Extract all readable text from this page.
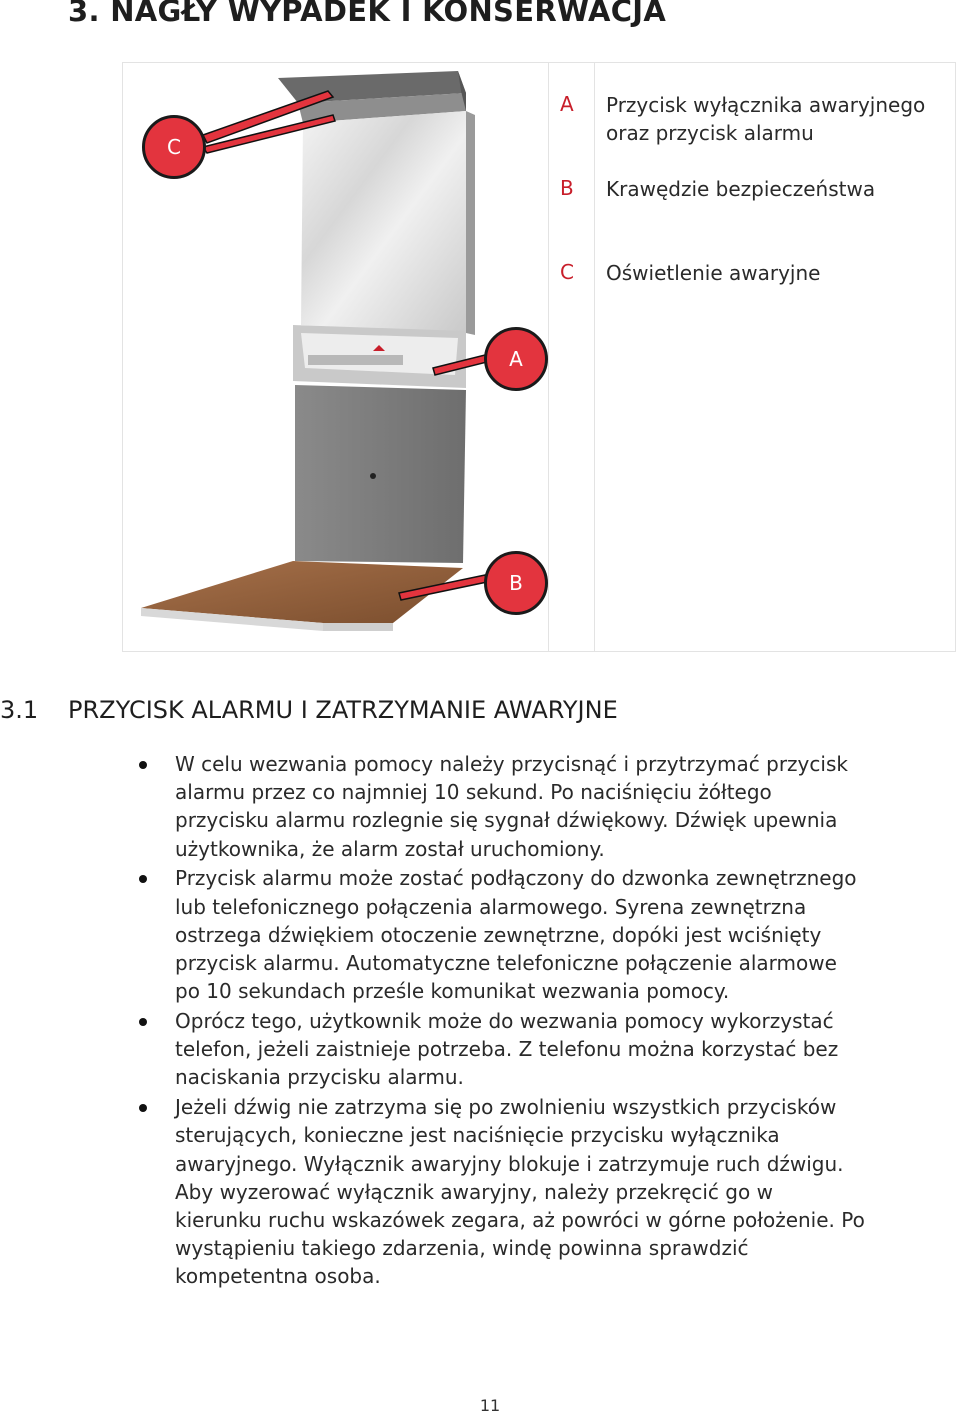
3. NAGŁY WYPADEK I KONSERWACJA
C
A
B
A Przycisk wyłącznika awaryjnego oraz przycisk alarmu
B Krawędzie bezpieczeństwa
C Oświetlenie awaryjne
3.1 PRZYCISK ALARMU I ZATRZYMANIE AWARYJNE
W celu wezwania pomocy należy przycisnąć i przytrzymać przycisk alarmu przez co najmniej 10 sekund. Po naciśnięciu żółtego przycisku alarmu rozlegnie się sygnał dźwiękowy. Dźwięk upewnia użytkownika, że alarm został uruchomiony.
Przycisk alarmu może zostać podłączony do dzwonka zewnętrznego lub telefonicznego połączenia alarmowego. Syrena zewnętrzna ostrzega dźwiękiem otoczenie zewnętrzne, dopóki jest wciśnięty przycisk alarmu. Automatyczne telefoniczne połączenie alarmowe po 10 sekundach prześle komunikat wezwania pomocy.
Oprócz tego, użytkownik może do wezwania pomocy wykorzystać telefon, jeżeli zaistnieje potrzeba. Z telefonu można korzystać bez naciskania przycisku alarmu.
Jeżeli dźwig nie zatrzyma się po zwolnieniu wszystkich przycisków sterujących, konieczne jest naciśnięcie przycisku wyłącznika awaryjnego. Wyłącznik awaryjny blokuje i zatrzymuje ruch dźwigu. Aby wyzerować wyłącznik awaryjny, należy przekręcić go w kierunku ruchu wskazówek zegara, aż powróci w górne położenie. Po wystąpieniu takiego zdarzenia, windę powinna sprawdzić kompetentna osoba.
11
